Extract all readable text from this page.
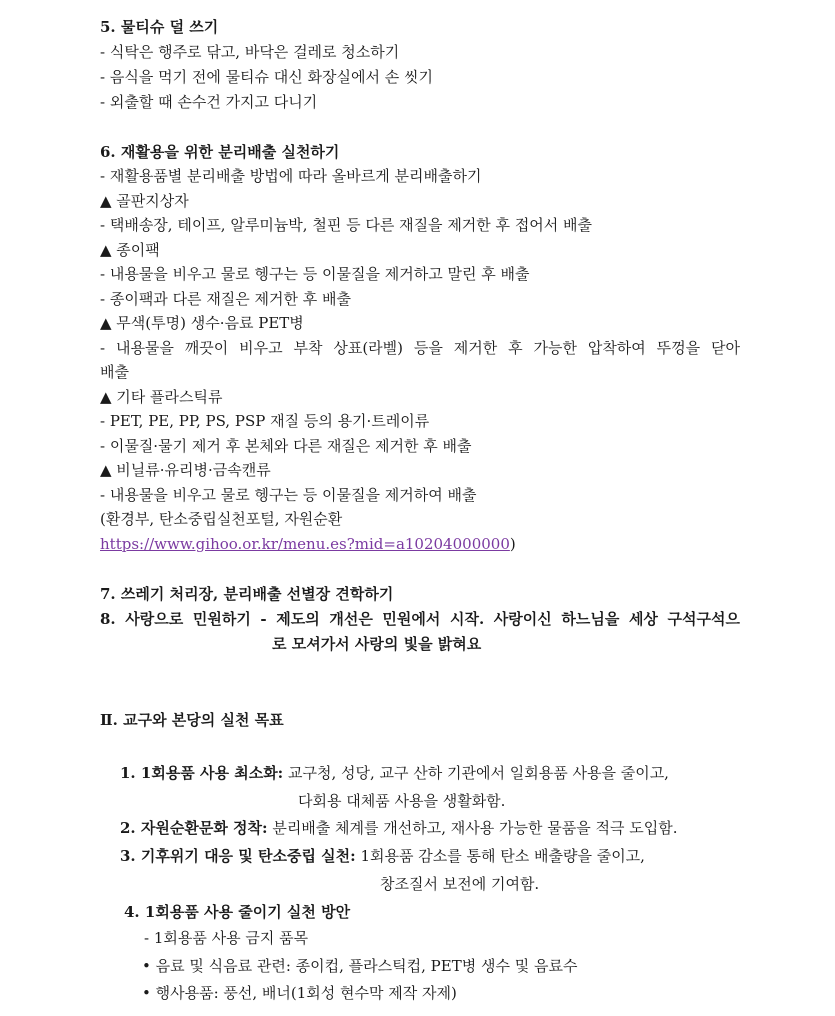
5. 물티슈 덜 쓰기
- 식탁은 행주로 닦고, 바닥은 걸레로 청소하기
- 음식을 먹기 전에 물티슈 대신 화장실에서 손 씻기
- 외출할 때 손수건 가지고 다니기
6. 재활용을 위한 분리배출 실천하기
- 재활용품별 분리배출 방법에 따라 올바르게 분리배출하기
▲ 골판지상자
- 택배송장, 테이프, 알루미늄박, 철핀 등 다른 재질을 제거한 후 접어서 배출
▲ 종이팩
- 내용물을 비우고 물로 헹구는 등 이물질을 제거하고 말린 후 배출
- 종이팩과 다른 재질은 제거한 후 배출
▲ 무색(투명) 생수·음료 PET병
- 내용물을 깨끗이 비우고 부착 상표(라벨) 등을 제거한 후 가능한 압착하여 뚜껑을 닫아
배출
▲ 기타 플라스틱류
- PET, PE, PP, PS, PSP 재질 등의 용기·트레이류
- 이물질·물기 제거 후 본체와 다른 재질은 제거한 후 배출
▲ 비닐류·유리병·금속캔류
- 내용물을 비우고 물로 헹구는 등 이물질을 제거하여 배출
(환경부, 탄소중립실천포털, 자원순환
https://www.gihoo.or.kr/menu.es?mid=a10204000000)
7. 쓰레기 처리장, 분리배출 선별장 견학하기
8. 사랑으로 민원하기 - 제도의 개선은 민원에서 시작. 사랑이신 하느님을 세상 구석구석으
로 모셔가서 사랑의 빛을 밝혀요
Ⅱ. 교구와 본당의 실천 목표
1. 1회용품 사용 최소화: 교구청, 성당, 교구 산하 기관에서 일회용품 사용을 줄이고,
다회용 대체품 사용을 생활화함.
2. 자원순환문화 정착: 분리배출 체계를 개선하고, 재사용 가능한 물품을 적극 도입함.
3. 기후위기 대응 및 탄소중립 실천: 1회용품 감소를 통해 탄소 배출량을 줄이고,
창조질서 보전에 기여함.
4. 1회용품 사용 줄이기 실천 방안
- 1회용품 사용 금지 품목
• 음료 및 식음료 관련: 종이컵, 플라스틱컵, PET병 생수 및 음료수
• 행사용품: 풍선, 배너(1회성 현수막 제작 자제)
